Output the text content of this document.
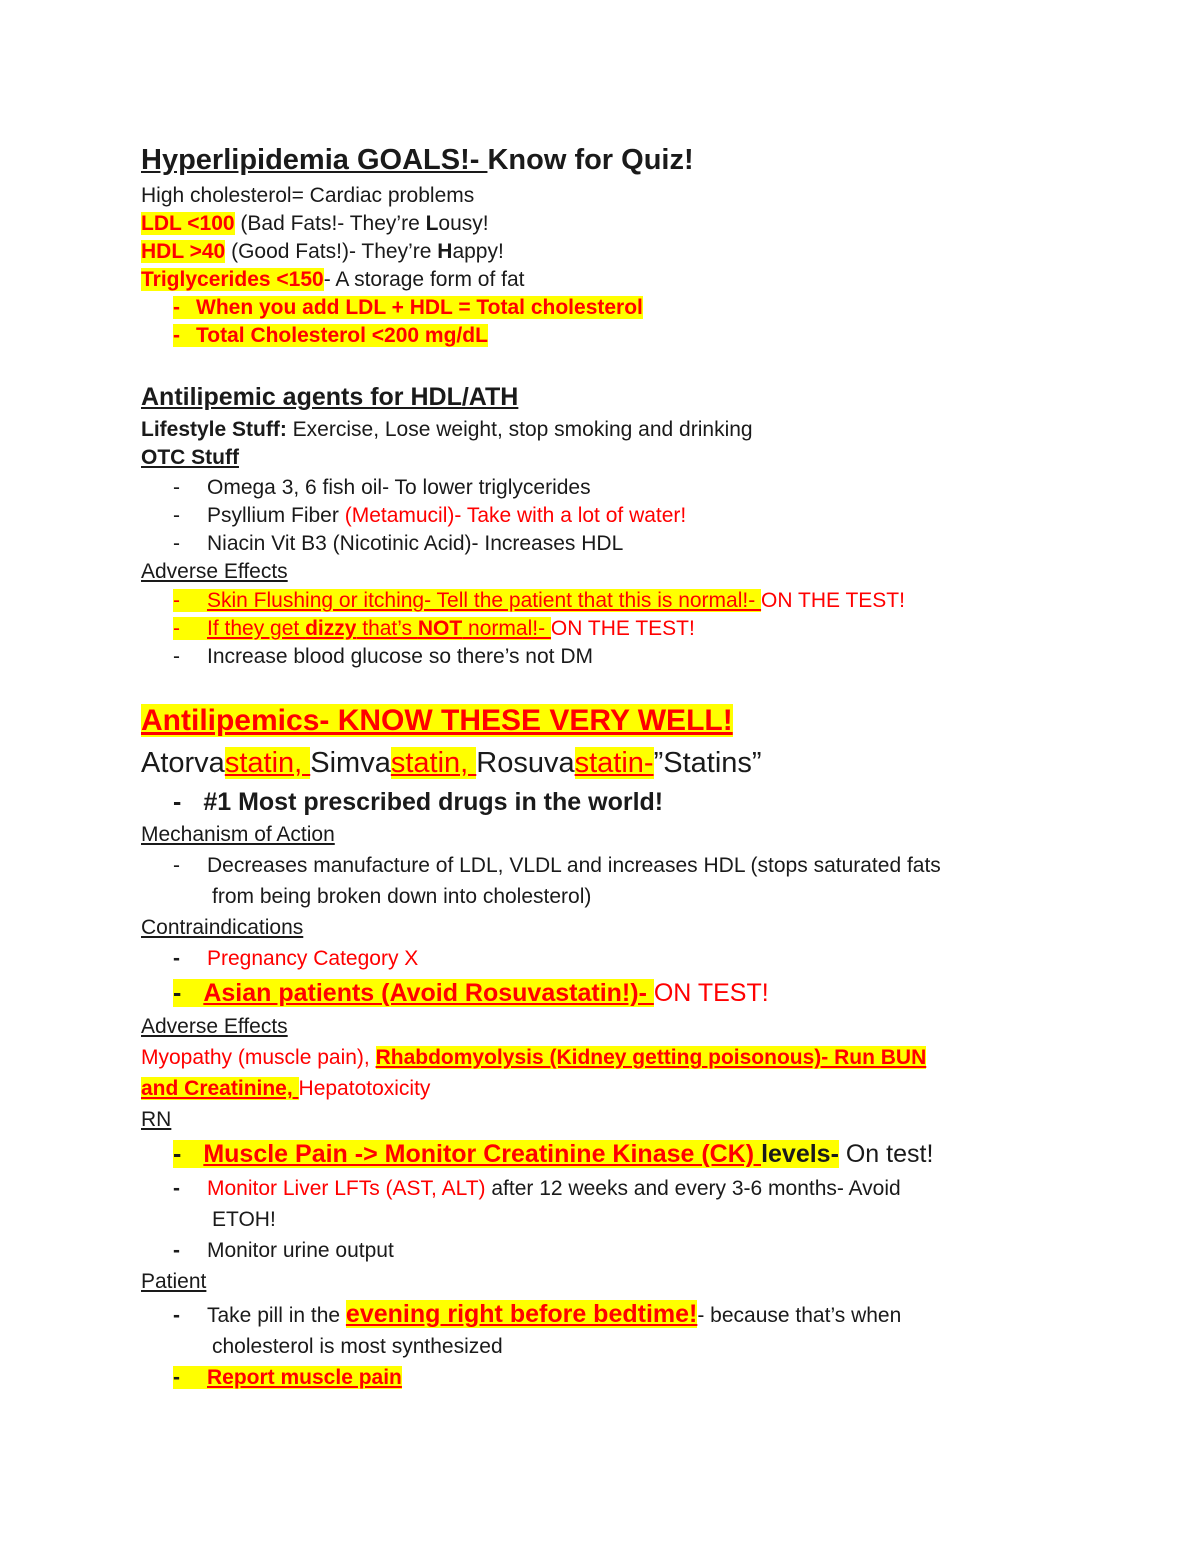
Hyperlipidemia GOALS!- Know for Quiz!
High cholesterol= Cardiac problems
LDL <100 (Bad Fats!- They’re Lousy!
HDL >40 (Good Fats!)- They’re Happy!
Triglycerides <150- A storage form of fat
- When you add LDL + HDL = Total cholesterol
- Total Cholesterol <200 mg/dL
Antilipemic agents for HDL/ATH
Lifestyle Stuff: Exercise, Lose weight, stop smoking and drinking
OTC Stuff
- Omega 3, 6 fish oil- To lower triglycerides
- Psyllium Fiber (Metamucil)- Take with a lot of water!
- Niacin Vit B3 (Nicotinic Acid)- Increases HDL
Adverse Effects
- Skin Flushing or itching- Tell the patient that this is normal!- ON THE TEST!
- If they get dizzy that’s NOT normal!- ON THE TEST!
- Increase blood glucose so there’s not DM
Antilipemics- KNOW THESE VERY WELL!
Atorvastatin, Simvastatin, Rosuvastatin-”Statins”
- #1 Most prescribed drugs in the world!
Mechanism of Action
- Decreases manufacture of LDL, VLDL and increases HDL (stops saturated fats
from being broken down into cholesterol)
Contraindications
- Pregnancy Category X
- Asian patients (Avoid Rosuvastatin!)- ON TEST!
Adverse Effects
Myopathy (muscle pain), Rhabdomyolysis (Kidney getting poisonous)- Run BUN
and Creatinine, Hepatotoxicity
RN
- Muscle Pain -> Monitor Creatinine Kinase (CK) levels- On test!
- Monitor Liver LFTs (AST, ALT) after 12 weeks and every 3-6 months- Avoid
ETOH!
- Monitor urine output
Patient
- Take pill in the evening right before bedtime!- because that’s when
cholesterol is most synthesized
- Report muscle pain
